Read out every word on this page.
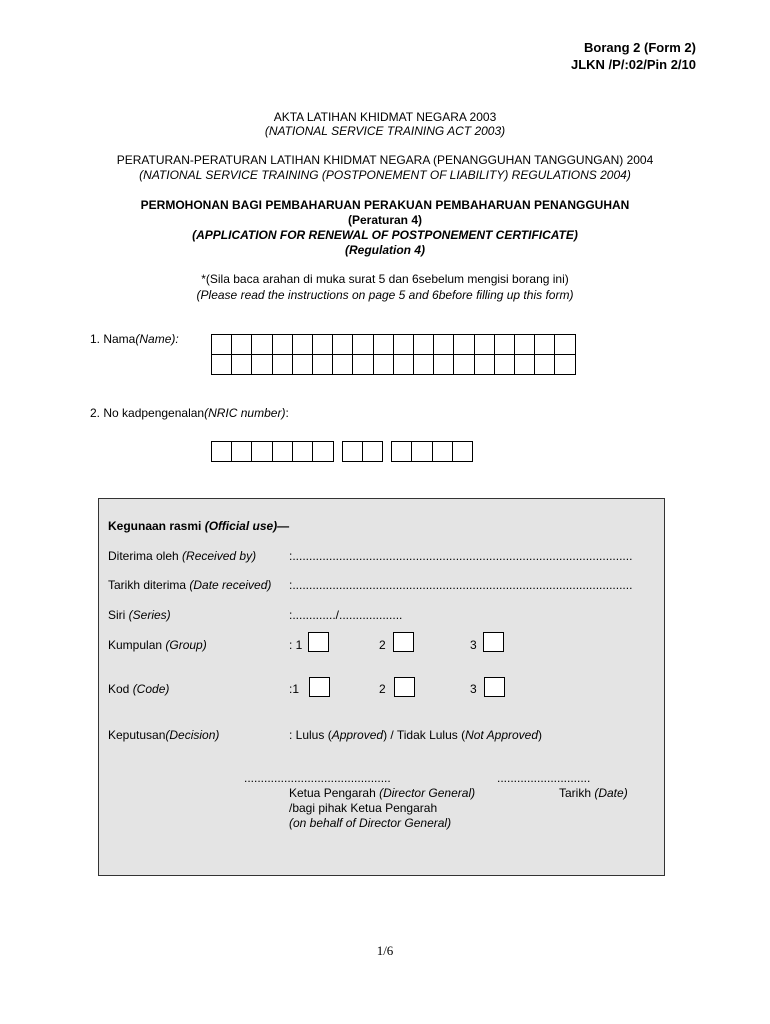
Borang 2 (Form 2)
JLKN /P/:02/Pin 2/10
AKTA LATIHAN KHIDMAT NEGARA 2003
(NATIONAL SERVICE TRAINING ACT 2003)
PERATURAN-PERATURAN LATIHAN KHIDMAT NEGARA (PENANGGUHAN TANGGUNGAN) 2004
(NATIONAL SERVICE TRAINING (POSTPONEMENT OF LIABILITY) REGULATIONS 2004)
PERMOHONAN BAGI PEMBAHARUAN PERAKUAN PEMBAHARUAN PENANGGUHAN
(Peraturan 4)
(APPLICATION FOR RENEWAL OF POSTPONEMENT CERTIFICATE)
(Regulation 4)
*(Sila baca arahan di muka surat 5 dan 6sebelum mengisi borang ini)
(Please read the instructions on page 5 and 6before filling up this form)
1. Nama(Name):
2. No kadpengenalan(NRIC number):
Kegunaan rasmi (Official use)—
Diterima oleh (Received by)	:......................................................................................................
Tarikh diterima (Date received) :......................................................................................................
Siri (Series)	:............./...................
Kumpulan (Group)	: 1	2	3
Kod (Code)	:1	2	3
Keputusan(Decision)	: Lulus (Approved) / Tidak Lulus (Not Approved)
............................................	............................
Ketua Pengarah (Director General)	Tarikh (Date)
/bagi pihak Ketua Pengarah
(on behalf of Director General)
1/6
